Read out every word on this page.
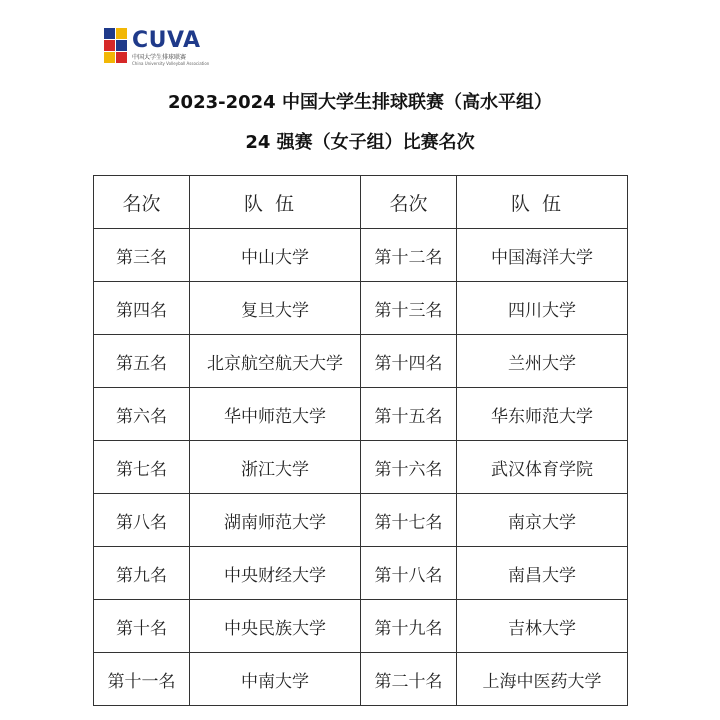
CUVA
中国大学生排球联赛
China University Volleyball Association
2023-2024 中国大学生排球联赛（高水平组）
24 强赛（女子组）比赛名次
名次	队伍	名次	队伍
第三名	中山大学	第十二名	中国海洋大学
第四名	复旦大学	第十三名	四川大学
第五名	北京航空航天大学	第十四名	兰州大学
第六名	华中师范大学	第十五名	华东师范大学
第七名	浙江大学	第十六名	武汉体育学院
第八名	湖南师范大学	第十七名	南京大学
第九名	中央财经大学	第十八名	南昌大学
第十名	中央民族大学	第十九名	吉林大学
第十一名	中南大学	第二十名	上海中医药大学
